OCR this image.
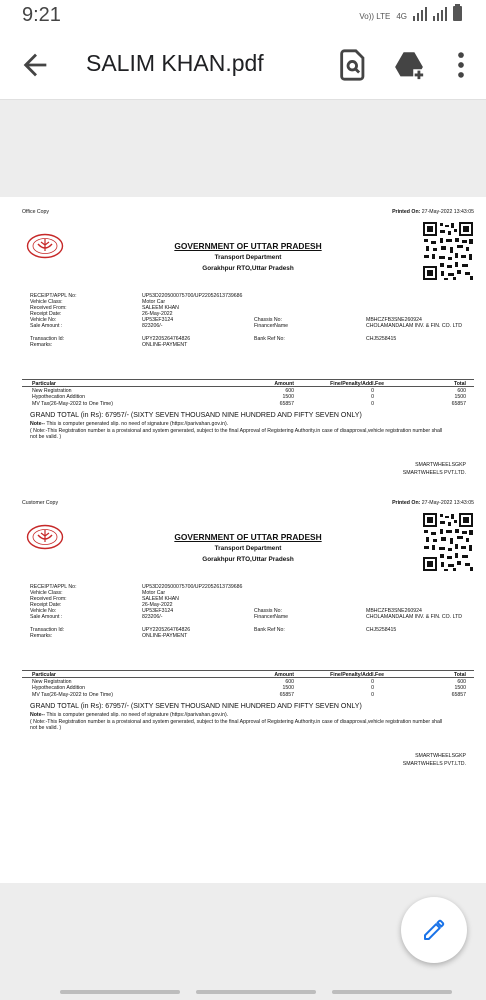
9:21	Vo)) LTE 4G
SALIM KHAN.pdf
Office Copy	Printed On: 27-May-2022 13:43:05
GOVERNMENT OF UTTAR PRADESH
Transport Department
Gorakhpur RTO,Uttar Pradesh
RECEIPT/APPL No:	UP53D220500075700/UP22052613739686
Vehicle Class:	Motor Car
Received From:	SALEEM KHAN
Receipt Date:	26-May-2022
Vehicle No:	UP53EF3124	Chassis No:	MBHCZFB3SNE260924
Sale Amount :	823206/-	FinancerName	CHOLAMANDALAM INV. & FIN. CO. LTD
Transaction Id:	UPY2205264764826	Bank Ref No:	CHJ5258415
Remarks:	ONLINE-PAYMENT
Particular	Amount	Fine/Penalty/Addl.Fee	Total
New Registration	600	0	600
Hypothecation Addition	1500	0	1500
MV Tax(26-May-2022 to One Time)	65857	0	65857
GRAND TOTAL (in Rs): 67957/- (SIXTY SEVEN THOUSAND NINE HUNDRED AND FIFTY SEVEN ONLY)
Note-- This is computer generated slip. no need of signature (https://parivahan.gov.in).
( Note:-This Registration number is a provisional and system generated, subject to the final Approval of Registering Authority.in case of disapproval,vehicle registration number shall not be valid. )
SMARTWHEELSGKP
SMARTWHEELS PVT.LTD.
Customer Copy	Printed On: 27-May-2022 13:43:05
GOVERNMENT OF UTTAR PRADESH
Transport Department
Gorakhpur RTO,Uttar Pradesh
RECEIPT/APPL No:	UP53D220500075700/UP22052613739686
Vehicle Class:	Motor Car
Received From:	SALEEM KHAN
Receipt Date:	26-May-2022
Vehicle No:	UP53EF3124	Chassis No:	MBHCZFB3SNE260924
Sale Amount :	823206/-	FinancerName	CHOLAMANDALAM INV. & FIN. CO. LTD
Transaction Id:	UPY2205264764826	Bank Ref No:	CHJ5258415
Remarks:	ONLINE-PAYMENT
Particular	Amount	Fine/Penalty/Addl.Fee	Total
New Registration	600	0	600
Hypothecation Addition	1500	0	1500
MV Tax(26-May-2022 to One Time)	65857	0	65857
GRAND TOTAL (in Rs): 67957/- (SIXTY SEVEN THOUSAND NINE HUNDRED AND FIFTY SEVEN ONLY)
Note-- This is computer generated slip. no need of signature (https://parivahan.gov.in).
( Note:-This Registration number is a provisional and system generated, subject to the final Approval of Registering Authority.in case of disapproval,vehicle registration number shall not be valid. )
SMARTWHEELSGKP
SMARTWHEELS PVT.LTD.
